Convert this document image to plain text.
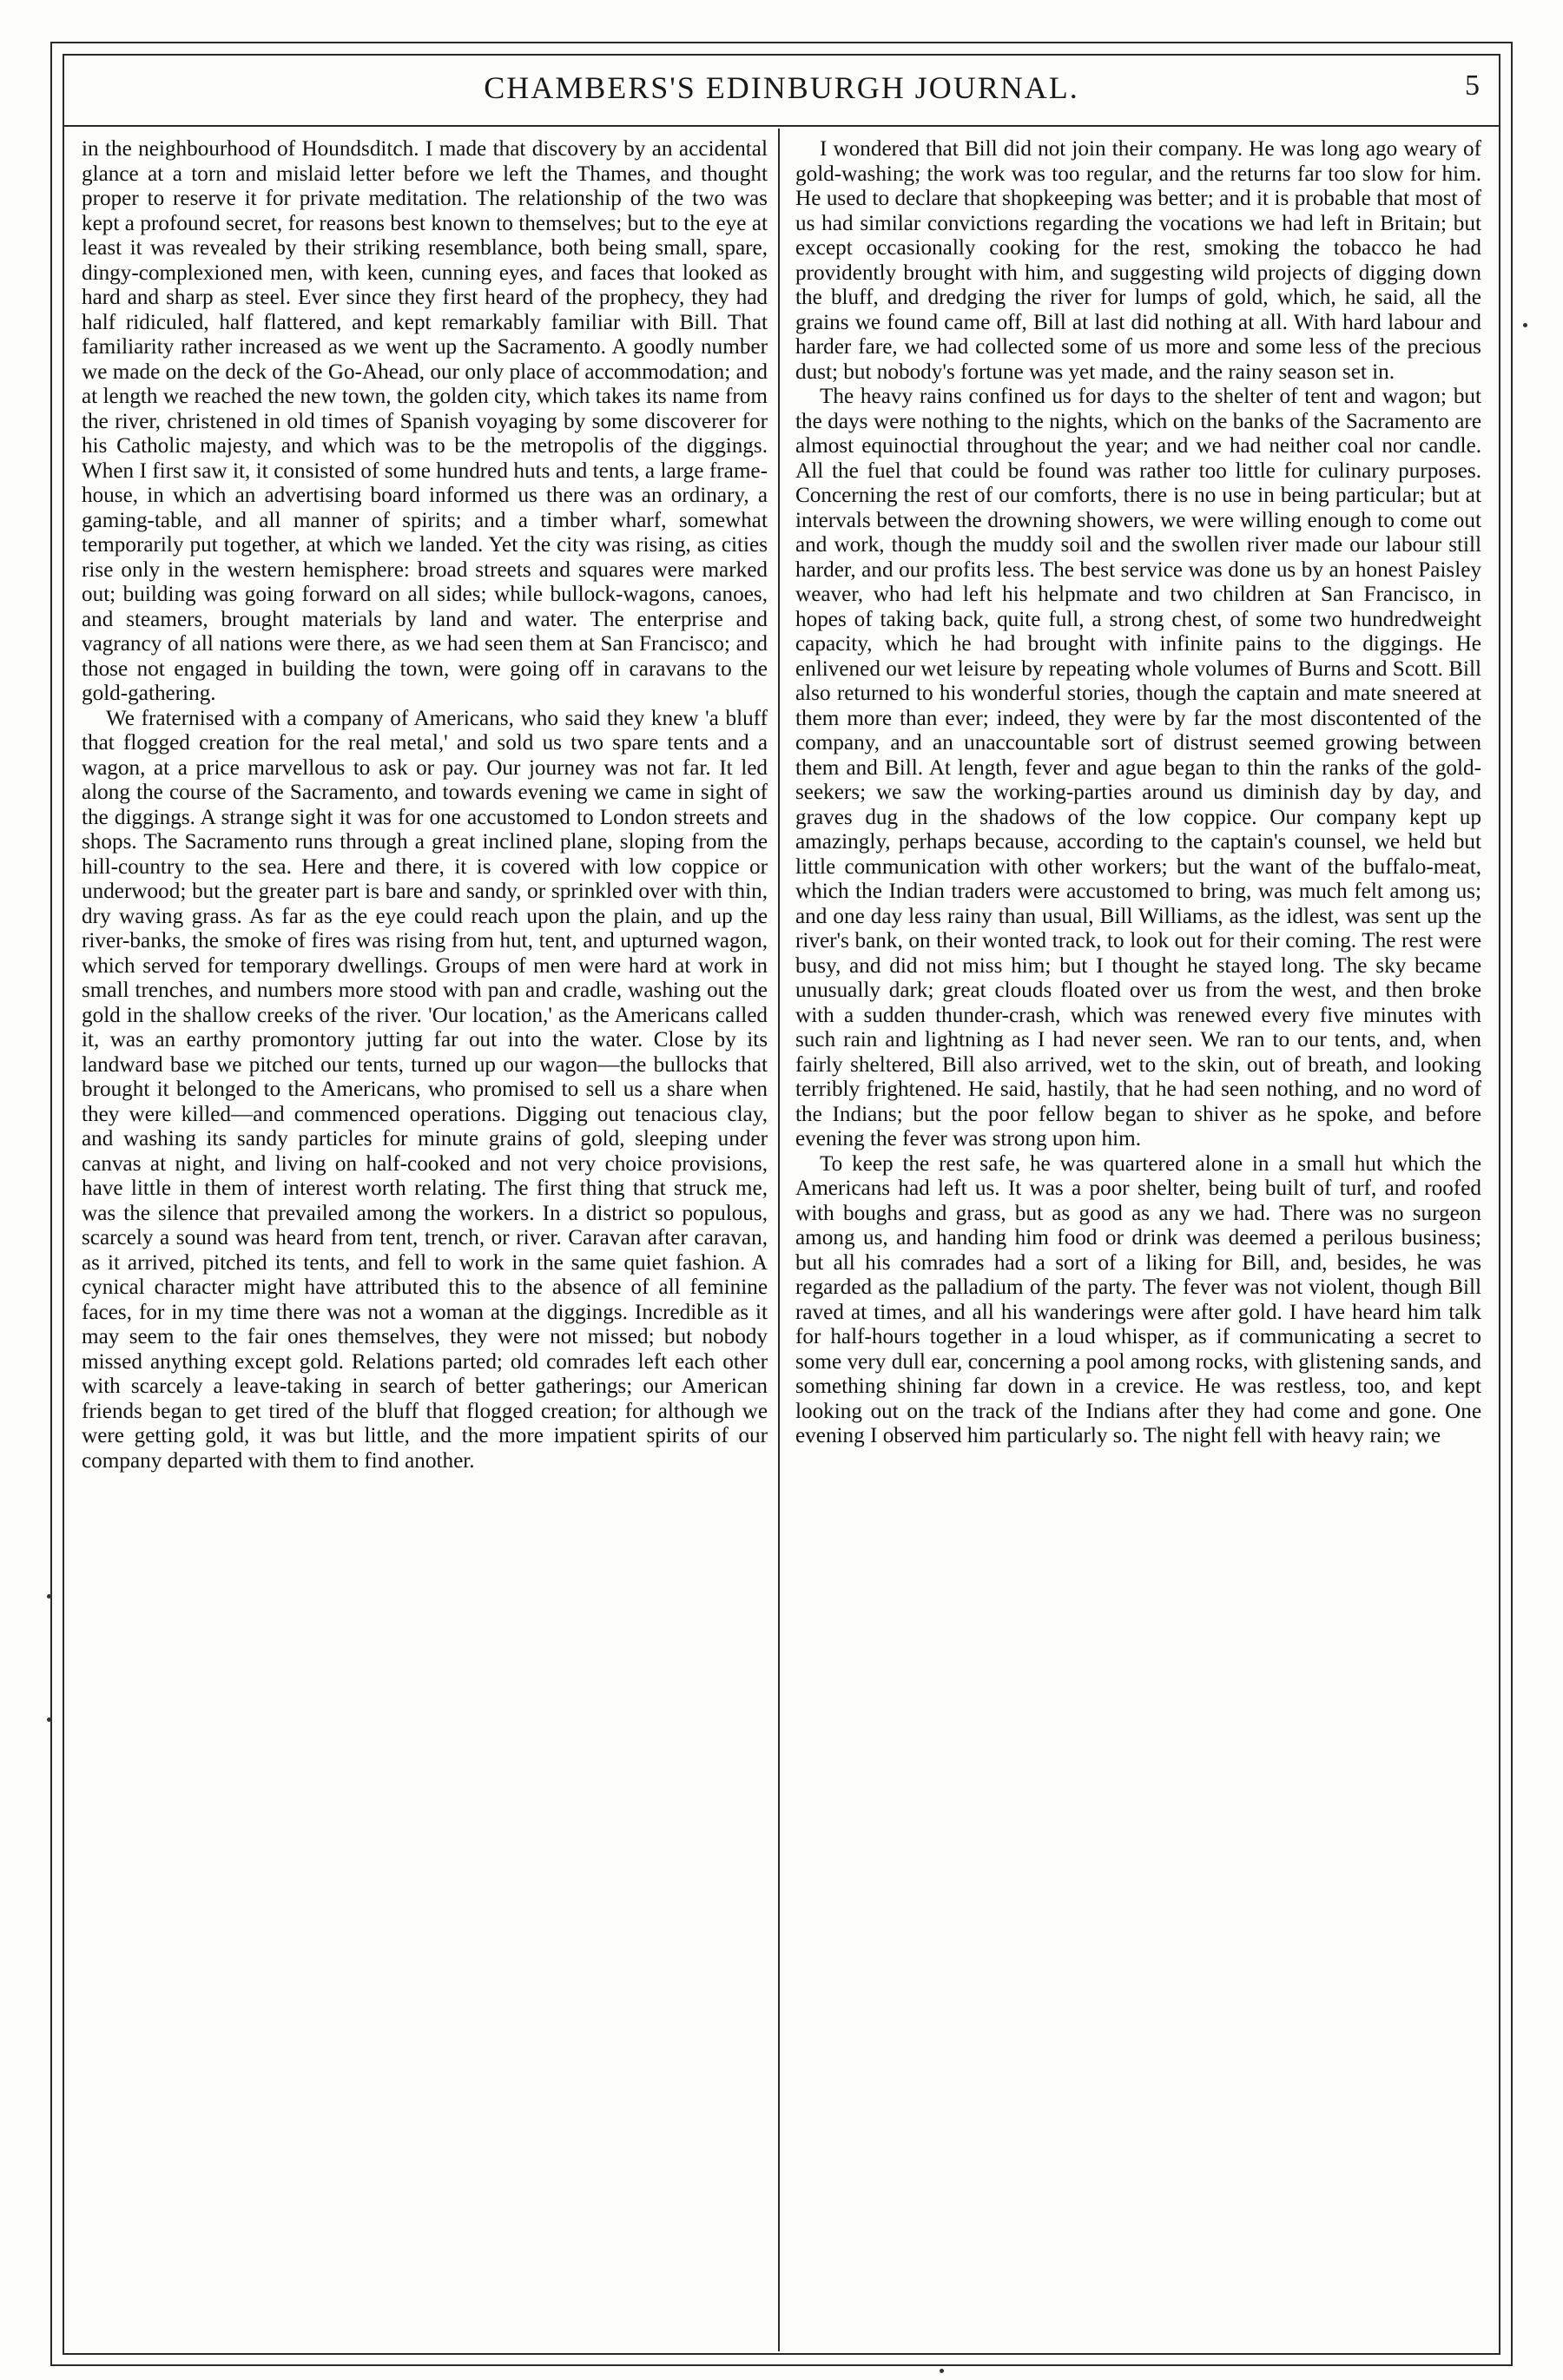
CHAMBERS'S EDINBURGH JOURNAL.	5

in the neighbourhood of Houndsditch. I made that discovery by an accidental glance at a torn and mislaid letter before we left the Thames, and thought proper to reserve it for private meditation. The relationship of the two was kept a profound secret, for reasons best known to themselves; but to the eye at least it was revealed by their striking resemblance, both being small, spare, dingy-complexioned men, with keen, cunning eyes, and faces that looked as hard and sharp as steel. Ever since they first heard of the prophecy, they had half ridiculed, half flattered, and kept remarkably familiar with Bill. That familiarity rather increased as we went up the Sacramento. A goodly number we made on the deck of the Go-Ahead, our only place of accommodation; and at length we reached the new town, the golden city, which takes its name from the river, christened in old times of Spanish voyaging by some discoverer for his Catholic majesty, and which was to be the metropolis of the diggings. When I first saw it, it consisted of some hundred huts and tents, a large frame-house, in which an advertising board informed us there was an ordinary, a gaming-table, and all manner of spirits; and a timber wharf, somewhat temporarily put together, at which we landed. Yet the city was rising, as cities rise only in the western hemisphere: broad streets and squares were marked out; building was going forward on all sides; while bullock-wagons, canoes, and steamers, brought materials by land and water. The enterprise and vagrancy of all nations were there, as we had seen them at San Francisco; and those not engaged in building the town, were going off in caravans to the gold-gathering.

We fraternised with a company of Americans, who said they knew 'a bluff that flogged creation for the real metal,' and sold us two spare tents and a wagon, at a price marvellous to ask or pay. Our journey was not far. It led along the course of the Sacramento, and towards evening we came in sight of the diggings. A strange sight it was for one accustomed to London streets and shops. The Sacramento runs through a great inclined plane, sloping from the hill-country to the sea. Here and there, it is covered with low coppice or underwood; but the greater part is bare and sandy, or sprinkled over with thin, dry waving grass. As far as the eye could reach upon the plain, and up the river-banks, the smoke of fires was rising from hut, tent, and upturned wagon, which served for temporary dwellings. Groups of men were hard at work in small trenches, and numbers more stood with pan and cradle, washing out the gold in the shallow creeks of the river. 'Our location,' as the Americans called it, was an earthy promontory jutting far out into the water. Close by its landward base we pitched our tents, turned up our wagon—the bullocks that brought it belonged to the Americans, who promised to sell us a share when they were killed—and commenced operations. Digging out tenacious clay, and washing its sandy particles for minute grains of gold, sleeping under canvas at night, and living on half-cooked and not very choice provisions, have little in them of interest worth relating. The first thing that struck me, was the silence that prevailed among the workers. In a district so populous, scarcely a sound was heard from tent, trench, or river. Caravan after caravan, as it arrived, pitched its tents, and fell to work in the same quiet fashion. A cynical character might have attributed this to the absence of all feminine faces, for in my time there was not a woman at the diggings. Incredible as it may seem to the fair ones themselves, they were not missed; but nobody missed anything except gold. Relations parted; old comrades left each other with scarcely a leave-taking in search of better gatherings; our American friends began to get tired of the bluff that flogged creation; for although we were getting gold, it was but little, and the more impatient spirits of our company departed with them to find another.

I wondered that Bill did not join their company. He was long ago weary of gold-washing; the work was too regular, and the returns far too slow for him. He used to declare that shopkeeping was better; and it is probable that most of us had similar convictions regarding the vocations we had left in Britain; but except occasionally cooking for the rest, smoking the tobacco he had providently brought with him, and suggesting wild projects of digging down the bluff, and dredging the river for lumps of gold, which, he said, all the grains we found came off, Bill at last did nothing at all. With hard labour and harder fare, we had collected some of us more and some less of the precious dust; but nobody's fortune was yet made, and the rainy season set in.

The heavy rains confined us for days to the shelter of tent and wagon; but the days were nothing to the nights, which on the banks of the Sacramento are almost equinoctial throughout the year; and we had neither coal nor candle. All the fuel that could be found was rather too little for culinary purposes. Concerning the rest of our comforts, there is no use in being particular; but at intervals between the drowning showers, we were willing enough to come out and work, though the muddy soil and the swollen river made our labour still harder, and our profits less. The best service was done us by an honest Paisley weaver, who had left his helpmate and two children at San Francisco, in hopes of taking back, quite full, a strong chest, of some two hundredweight capacity, which he had brought with infinite pains to the diggings. He enlivened our wet leisure by repeating whole volumes of Burns and Scott. Bill also returned to his wonderful stories, though the captain and mate sneered at them more than ever; indeed, they were by far the most discontented of the company, and an unaccountable sort of distrust seemed growing between them and Bill. At length, fever and ague began to thin the ranks of the gold-seekers; we saw the working-parties around us diminish day by day, and graves dug in the shadows of the low coppice. Our company kept up amazingly, perhaps because, according to the captain's counsel, we held but little communication with other workers; but the want of the buffalo-meat, which the Indian traders were accustomed to bring, was much felt among us; and one day less rainy than usual, Bill Williams, as the idlest, was sent up the river's bank, on their wonted track, to look out for their coming. The rest were busy, and did not miss him; but I thought he stayed long. The sky became unusually dark; great clouds floated over us from the west, and then broke with a sudden thunder-crash, which was renewed every five minutes with such rain and lightning as I had never seen. We ran to our tents, and, when fairly sheltered, Bill also arrived, wet to the skin, out of breath, and looking terribly frightened. He said, hastily, that he had seen nothing, and no word of the Indians; but the poor fellow began to shiver as he spoke, and before evening the fever was strong upon him.

To keep the rest safe, he was quartered alone in a small hut which the Americans had left us. It was a poor shelter, being built of turf, and roofed with boughs and grass, but as good as any we had. There was no surgeon among us, and handing him food or drink was deemed a perilous business; but all his comrades had a sort of a liking for Bill, and, besides, he was regarded as the palladium of the party. The fever was not violent, though Bill raved at times, and all his wanderings were after gold. I have heard him talk for half-hours together in a loud whisper, as if communicating a secret to some very dull ear, concerning a pool among rocks, with glistening sands, and something shining far down in a crevice. He was restless, too, and kept looking out on the track of the Indians after they had come and gone. One evening I observed him particularly so. The night fell with heavy rain; we
